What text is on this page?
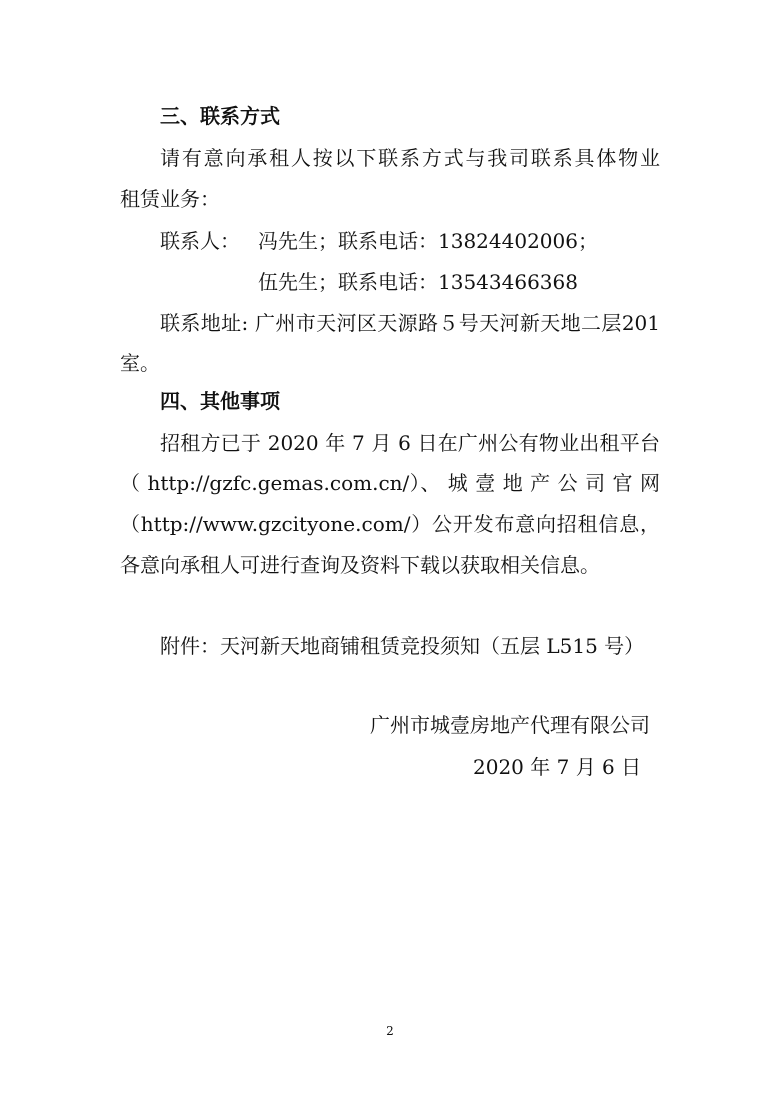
三、联系方式
请有意向承租人按以下联系方式与我司联系具体物业
租赁业务：
联系人： 冯先生；联系电话：13824402006；
伍先生；联系电话：13543466368
联系地址: 广州市天河区天源路５号天河新天地二层201
室。
四、其他事项
招租方已于 2020 年 7 月 6 日在广州公有物业出租平台
（ http://gzfc.gemas.com.cn/）、 城 壹 地 产 公 司 官 网
（http://www.gzcityone.com/）公开发布意向招租信息，
各意向承租人可进行查询及资料下载以获取相关信息。
附件：天河新天地商铺租赁竞投须知（五层 L515 号）
广州市城壹房地产代理有限公司
2020 年 7 月 6 日
2
